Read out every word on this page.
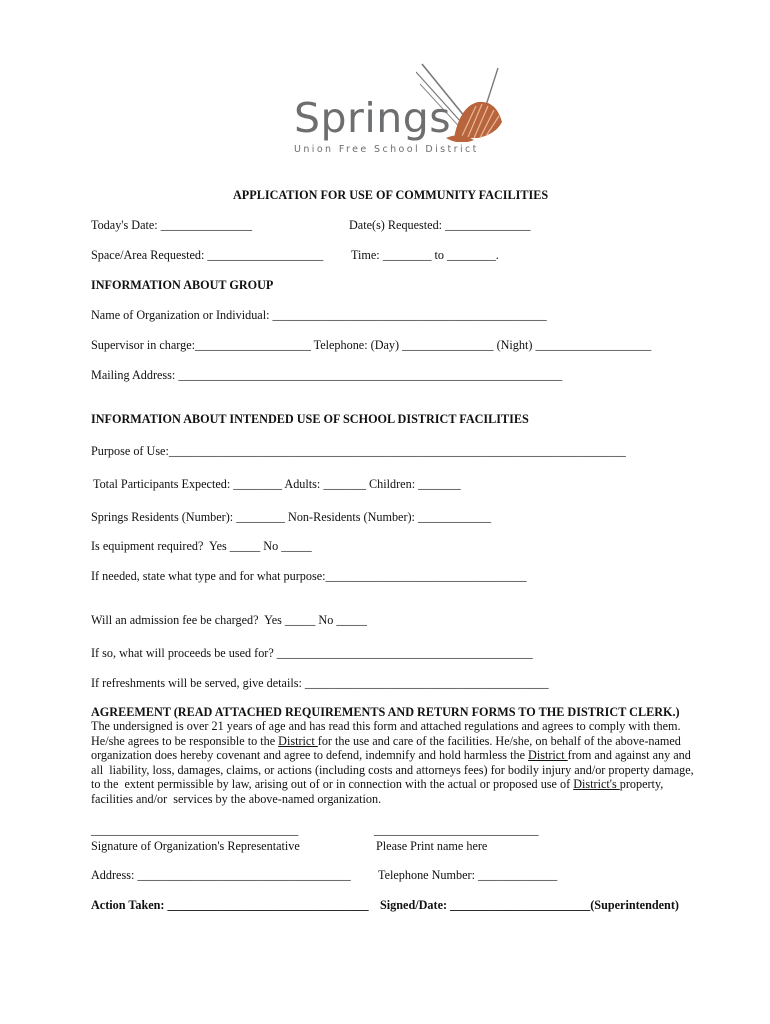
Springs
Union Free School District
APPLICATION FOR USE OF COMMUNITY FACILITIES
Today's Date: _______________	Date(s) Requested: ______________
Space/Area Requested: ___________________ Time: ________ to ________.
INFORMATION ABOUT GROUP
Name of Organization or Individual: _____________________________________________
Supervisor in charge:___________________ Telephone: (Day) _______________ (Night) ___________________
Mailing Address: _______________________________________________________________
INFORMATION ABOUT INTENDED USE OF SCHOOL DISTRICT FACILITIES
Purpose of Use:___________________________________________________________________________
Total Participants Expected: ________ Adults: _______ Children: _______
Springs Residents (Number): ________ Non-Residents (Number): ____________
Is equipment required?  Yes _____ No _____
If needed, state what type and for what purpose:_________________________________
Will an admission fee be charged?  Yes _____ No _____
If so, what will proceeds be used for? __________________________________________
If refreshments will be served, give details: ________________________________________
AGREEMENT (READ ATTACHED REQUIREMENTS AND RETURN FORMS TO THE DISTRICT CLERK.)
The undersigned is over 21 years of age and has read this form and attached regulations and agrees to comply with them.
He/she agrees to be responsible to the District for the use and care of the facilities. He/she, on behalf of the above-named
organization does hereby covenant and agree to defend, indemnify and hold harmless the District from and against any and
all  liability, loss, damages, claims, or actions (including costs and attorneys fees) for bodily injury and/or property damage,
to the  extent permissible by law, arising out of or in connection with the actual or proposed use of District's property,
facilities and/or  services by the above-named organization.
__________________________________	___________________________
Signature of Organization's Representative	Please Print name here
Address: ___________________________________ Telephone Number: _____________
Action Taken: _________________________________ Signed/Date: _______________________(Superintendent)
